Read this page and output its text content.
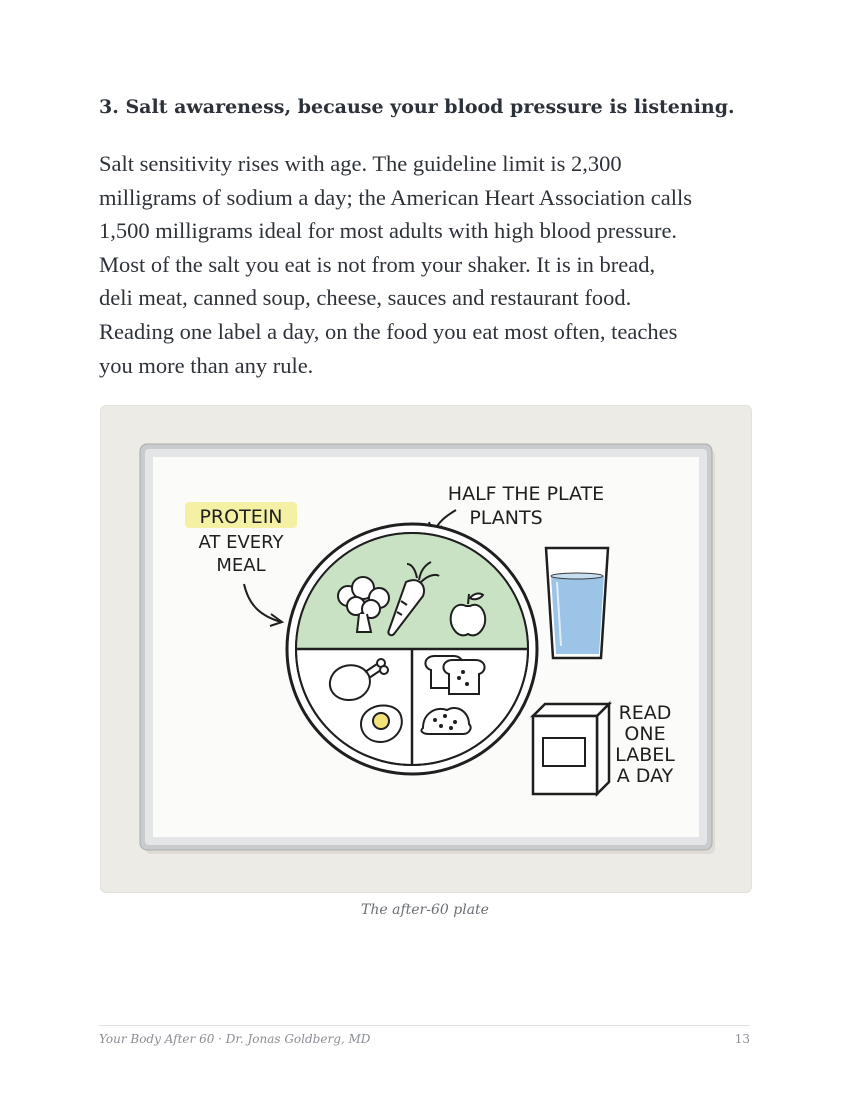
3. Salt awareness, because your blood pressure is listening.
Salt sensitivity rises with age. The guideline limit is 2,300
milligrams of sodium a day; the American Heart Association calls
1,500 milligrams ideal for most adults with high blood pressure.
Most of the salt you eat is not from your shaker. It is in bread,
deli meat, canned soup, cheese, sauces and restaurant food.
Reading one label a day, on the food you eat most often, teaches
you more than any rule.
PROTEIN
AT EVERY
MEAL
HALF THE PLATE
PLANTS
READ
ONE
LABEL
A DAY
The after-60 plate
Your Body After 60 · Dr. Jonas Goldberg, MD	13
